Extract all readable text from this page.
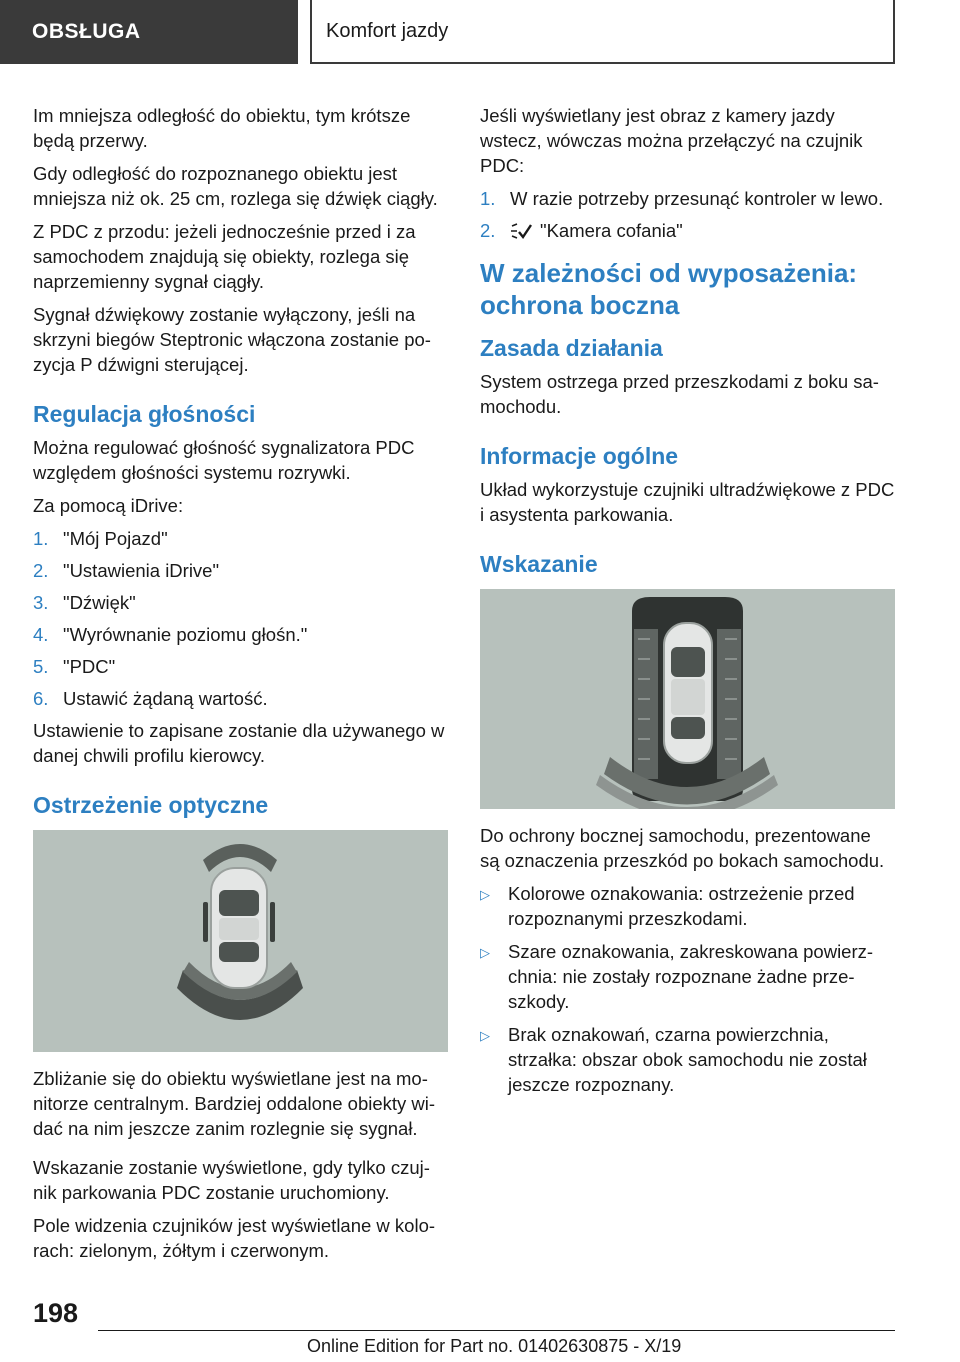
OBSŁUGA	Komfort jazdy

Im mniejsza odległość do obiektu, tym krótsze będą przerwy.

Gdy odległość do rozpoznanego obiektu jest mniejsza niż ok. 25 cm, rozlega się dźwięk ciągły.

Z PDC z przodu: jeżeli jednocześnie przed i za samochodem znajdują się obiekty, rozlega się naprzemienny sygnał ciągły.

Sygnał dźwiękowy zostanie wyłączony, jeśli na skrzyni biegów Steptronic włączona zostanie po-zycja P dźwigni sterującej.

Regulacja głośności

Można regulować głośność sygnalizatora PDC względem głośności systemu rozrywki.

Za pomocą iDrive:

1. "Mój Pojazd"
2. "Ustawienia iDrive"
3. "Dźwięk"
4. "Wyrównanie poziomu głośn."
5. "PDC"
6. Ustawić żądaną wartość.

Ustawienie to zapisane zostanie dla używanego w danej chwili profilu kierowcy.

Ostrzeżenie optyczne

Zbliżanie się do obiektu wyświetlane jest na mo-nitorze centralnym. Bardziej oddalone obiekty wi-dać na nim jeszcze zanim rozlegnie się sygnał.

Wskazanie zostanie wyświetlone, gdy tylko czuj-nik parkowania PDC zostanie uruchomiony.

Pole widzenia czujników jest wyświetlane w kolo-rach: zielonym, żółtym i czerwonym.

Jeśli wyświetlany jest obraz z kamery jazdy wstecz, wówczas można przełączyć na czujnik PDC:

1. W razie potrzeby przesunąć kontroler w lewo.
2.	"Kamera cofania"
W zależności od wyposażenia: ochrona boczna
Zasada działania

System ostrzega przed przeszkodami z boku sa-mochodu.

Informacje ogólne

Układ wykorzystuje czujniki ultradźwiękowe z PDC i asystenta parkowania.

Wskazanie

Do ochrony bocznej samochodu, prezentowane są oznaczenia przeszkód po bokach samochodu.

▷ Kolorowe oznakowania: ostrzeżenie przed rozpoznanymi przeszkodami.
▷ Szare oznakowania, zakreskowana powierz-chnia: nie zostały rozpoznane żadne prze-szkody.
▷ Brak oznakowań, czarna powierzchnia, strzałka: obszar obok samochodu nie został jeszcze rozpoznany.
198
Online Edition for Part no. 01402630875 - X/19
